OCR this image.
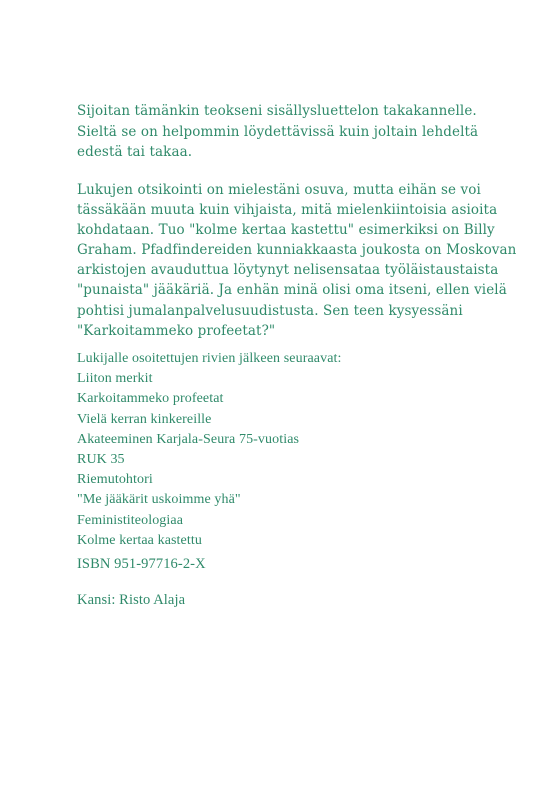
Sijoitan tämänkin teokseni sisällysluettelon takakannelle.

Sieltä se on helpommin löydettävissä kuin joltain lehdeltä

edestä tai takaa.

Lukujen otsikointi on mielestäni osuva, mutta eihän se voi

tässäkään muuta kuin vihjaista, mitä mielenkiintoisia asioita

kohdataan. Tuo "kolme kertaa kastettu" esimerkiksi on Billy

Graham. Pfadfindereiden kunniakkaasta joukosta on Moskovan

arkistojen avauduttua löytynyt nelisensataa työläistaustaista

"punaista" jääkäriä. Ja enhän minä olisi oma itseni, ellen vielä

pohtisi jumalanpalvelusuudistusta. Sen teen kysyessäni

"Karkoitammeko profeetat?"

Lukijalle osoitettujen rivien jälkeen seuraavat:

Liiton merkit

Karkoitammeko profeetat

Vielä kerran kinkereille

Akateeminen Karjala-Seura 75-vuotias

RUK 35

Riemutohtori

"Me jääkärit uskoimme yhä"

Feministiteologiaa

Kolme kertaa kastettu

ISBN 951-97716-2-X
Kansi: Risto Alaja
